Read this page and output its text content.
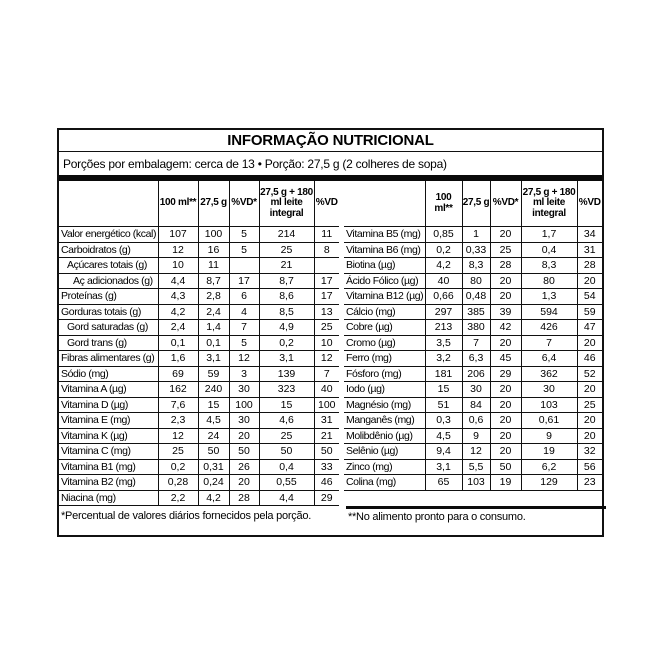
INFORMAÇÃO NUTRICIONAL
Porções por embalagem: cerca de 13 • Porção: 27,5 g (2 colheres de sopa)
	100 ml**	27,5 g	%VD*	27,5 g + 180 ml leite integral	%VD
Valor energético (kcal)	107	100	5	214	11
Carboidratos (g)	12	16	5	25	8
Açúcares totais (g)	10	11		21	
Aç adicionados (g)	4,4	8,7	17	8,7	17
Proteínas (g)	4,3	2,8	6	8,6	17
Gorduras totais (g)	4,2	2,4	4	8,5	13
Gord saturadas (g)	2,4	1,4	7	4,9	25
Gord trans (g)	0,1	0,1	5	0,2	10
Fibras alimentares (g)	1,6	3,1	12	3,1	12
Sódio (mg)	69	59	3	139	7
Vitamina A (µg)	162	240	30	323	40
Vitamina D (µg)	7,6	15	100	15	100
Vitamina E (mg)	2,3	4,5	30	4,6	31
Vitamina K (µg)	12	24	20	25	21
Vitamina C (mg)	25	50	50	50	50
Vitamina B1 (mg)	0,2	0,31	26	0,4	33
Vitamina B2 (mg)	0,28	0,24	20	0,55	46
Niacina (mg)	2,2	4,2	28	4,4	29
	100 ml**	27,5 g	%VD*	27,5 g + 180 ml leite integral	%VD
Vitamina B5 (mg)	0,85	1	20	1,7	34
Vitamina B6 (mg)	0,2	0,33	25	0,4	31
Biotina (µg)	4,2	8,3	28	8,3	28
Ácido Fólico (µg)	40	80	20	80	20
Vitamina B12 (µg)	0,66	0,48	20	1,3	54
Cálcio (mg)	297	385	39	594	59
Cobre (µg)	213	380	42	426	47
Cromo (µg)	3,5	7	20	7	20
Ferro (mg)	3,2	6,3	45	6,4	46
Fósforo (mg)	181	206	29	362	52
Iodo (µg)	15	30	20	30	20
Magnésio (mg)	51	84	20	103	25
Manganês (mg)	0,3	0,6	20	0,61	20
Molibdênio (µg)	4,5	9	20	9	20
Selênio (µg)	9,4	12	20	19	32
Zinco (mg)	3,1	5,5	50	6,2	56
Colina (mg)	65	103	19	129	23
*Percentual de valores diários fornecidos pela porção.	**No alimento pronto para o consumo.
